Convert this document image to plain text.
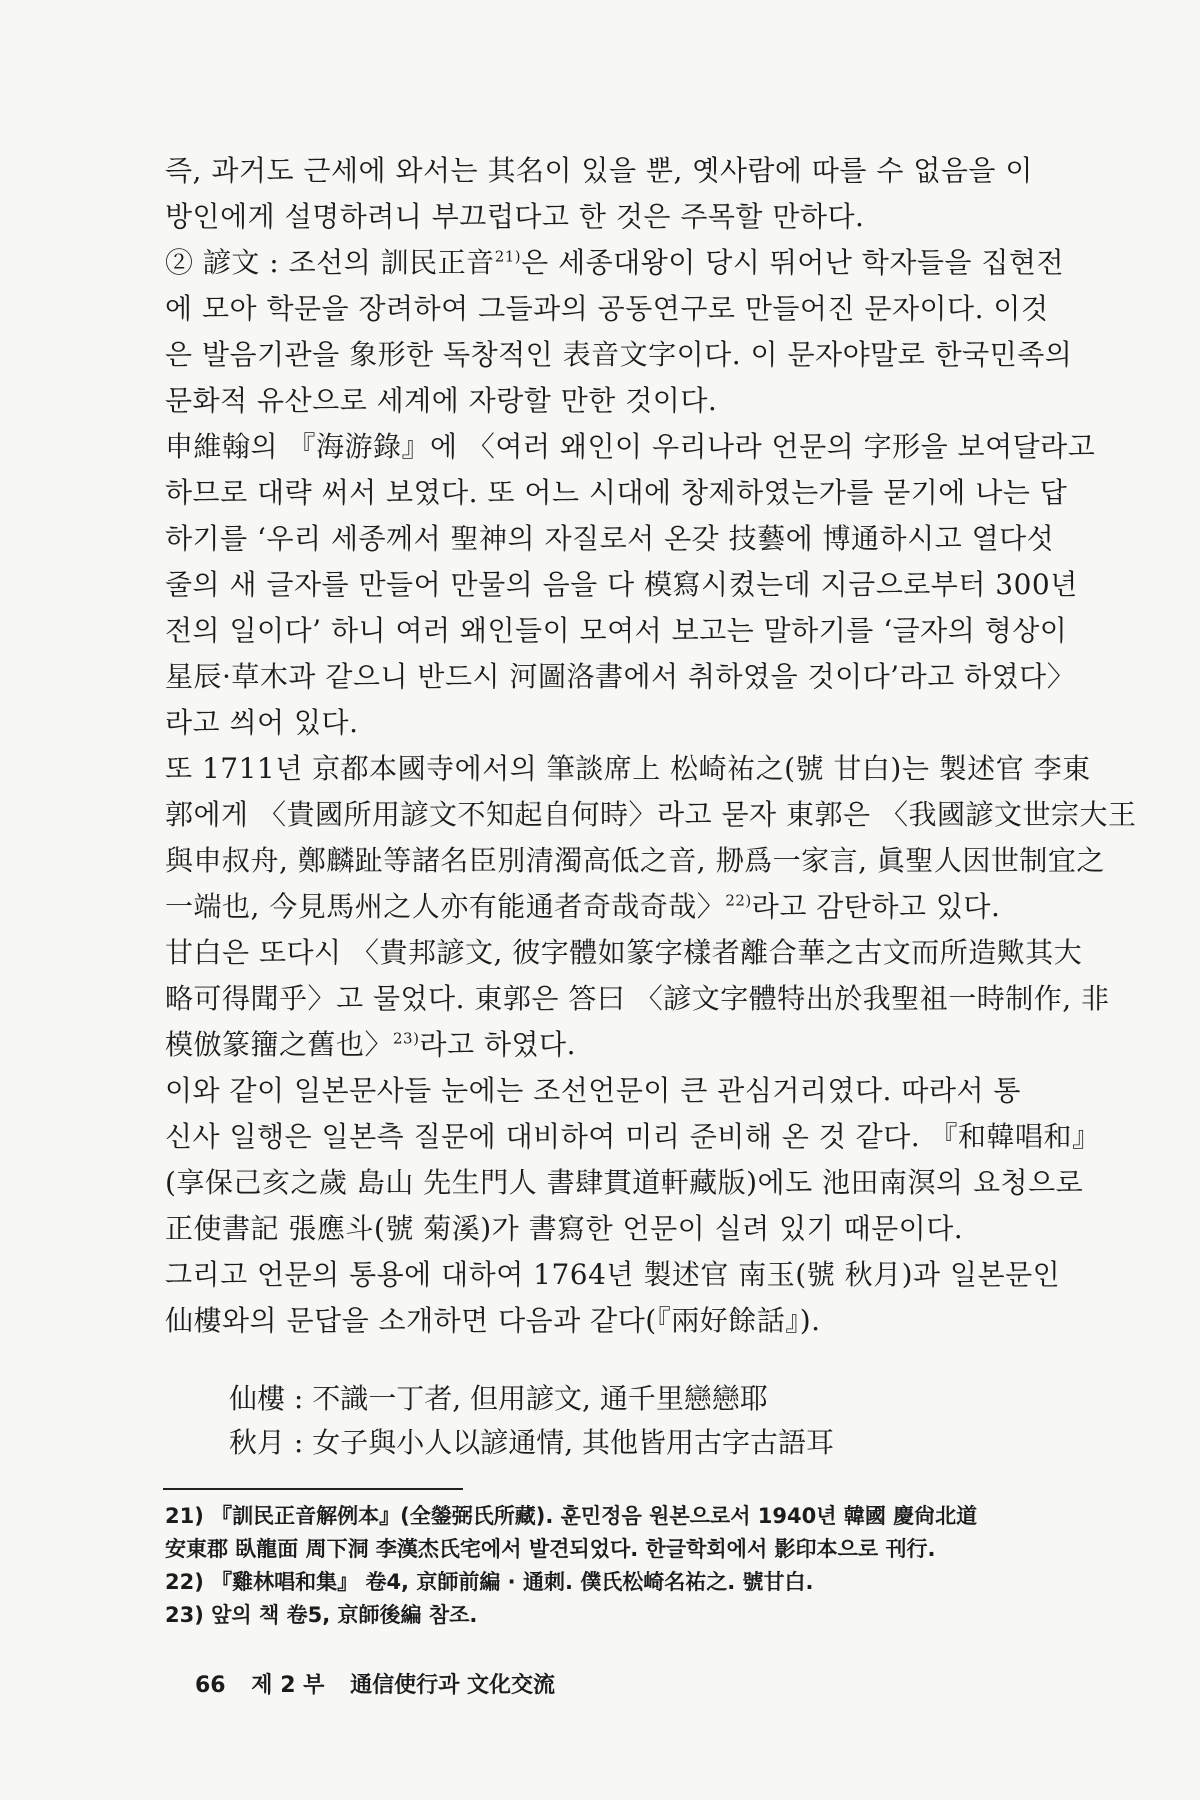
즉, 과거도 근세에 와서는 其名이 있을 뿐, 옛사람에 따를 수 없음을 이
방인에게 설명하려니 부끄럽다고 한 것은 주목할 만하다.
② 諺文 : 조선의 訓民正音$^{21)}$은 세종대왕이 당시 뛰어난 학자들을 집현전
에 모아 학문을 장려하여 그들과의 공동연구로 만들어진 문자이다. 이것
은 발음기관을 象形한 독창적인 表音文字이다. 이 문자야말로 한국민족의
문화적 유산으로 세계에 자랑할 만한 것이다.
申維翰의 『海游錄』에 〈여러 왜인이 우리나라 언문의 字形을 보여달라고
하므로 대략 써서 보였다. 또 어느 시대에 창제하였는가를 묻기에 나는 답
하기를 ‘우리 세종께서 聖神의 자질로서 온갖 技藝에 博通하시고 열다섯
줄의 새 글자를 만들어 만물의 음을 다 模寫시켰는데 지금으로부터 300년
전의 일이다’ 하니 여러 왜인들이 모여서 보고는 말하기를 ‘글자의 형상이
星辰·草木과 같으니 반드시 河圖洛書에서 취하였을 것이다’라고 하였다〉
라고 씌어 있다.
또 1711년 京都本國寺에서의 筆談席上 松崎祐之(號 甘白)는 製述官 李東
郭에게 〈貴國所用諺文不知起自何時〉라고 묻자 東郭은 〈我國諺文世宗大王
與申叔舟, 鄭麟趾等諸名臣別清濁高低之音, 刱爲一家言, 眞聖人因世制宜之
一端也, 今見馬州之人亦有能通者奇哉奇哉〉$^{22)}$라고 감탄하고 있다.
甘白은 또다시 〈貴邦諺文, 彼字體如篆字樣者離合華之古文而所造歟其大
略可得聞乎〉고 물었다. 東郭은 答曰 〈諺文字體特出於我聖祖一時制作, 非
模倣篆籒之舊也〉$^{23)}$라고 하였다.
이와 같이 일본문사들 눈에는 조선언문이 큰 관심거리였다. 따라서 통
신사 일행은 일본측 질문에 대비하여 미리 준비해 온 것 같다. 『和韓唱和』
(享保己亥之歲 島山 先生門人 書肆貫道軒藏版)에도 池田南溟의 요청으로
正使書記 張應斗(號 菊溪)가 書寫한 언문이 실려 있기 때문이다.
그리고 언문의 통용에 대하여 1764년 製述官 南玉(號 秋月)과 일본문인
仙樓와의 문답을 소개하면 다음과 같다(『兩好餘話』).
仙樓 : 不識一丁者, 但用諺文, 通千里戀戀耶
秋月 : 女子與小人以諺通情, 其他皆用古字古語耳
21) 『訓民正音解例本』(全鎣弼氏所藏). 훈민정음 원본으로서 1940년 韓國 慶尙北道
安東郡 臥龍面 周下洞 李漢杰氏宅에서 발견되었다. 한글학회에서 影印本으로 刊行.
22) 『雞林唱和集』 卷4, 京師前編 · 通刺. 僕氏松崎名祐之. 號甘白.
23) 앞의 책 卷5, 京師後編 참조.
66 제 2 부 通信使行과 文化交流
